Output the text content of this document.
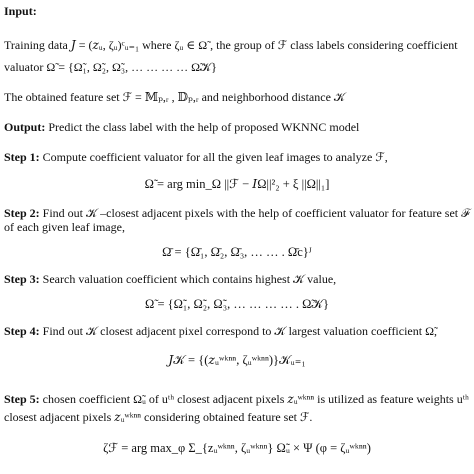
Input:
Training data 𝐽 = (𝑧ᵤ, ζᵤ)ᶜᵤ₌₁ where ζᵤ ∈ Ω̃ , the group of ℱ class labels considering coefficient
valuator Ω̃ = {Ω̃₁, Ω̃₂, Ω̃₃, … … … … Ω̃𝒦}
The obtained feature set ℱ = 𝕄ₚ,ᵣ , 𝔻ₚ,ᵣ and neighborhood distance 𝒦
Output: Predict the class label with the help of proposed WKNNC model
Step 1: Compute coefficient valuator for all the given leaf images to analyze ℱ,
Ω̃ = arg min_Ω ||ℱ − 𝐼Ω||²₂ + ξ ||Ω||₁]
Step 2: Find out 𝒦 –closest adjacent pixels with the help of coefficient valuator for feature set ℱ of each given leaf image,
Ω̄ = {Ω̄₁, Ω̄₂, Ω̄₃, … … . Ω̄c}ᴶ
Step 3: Search valuation coefficient which contains highest 𝒦 value,
Ω̃ = {Ω̃₁, Ω̃₂, Ω̃₃, … … … … . Ω̃𝒦}
Step 4: Find out 𝒦 closest adjacent pixel correspond to 𝒦 largest valuation coefficient Ω̃,
𝐽𝒦 = {(𝑧ᵤʷᵏⁿⁿ, ζᵤʷᵏⁿⁿ)}𝒦ᵤ₌₁
Step 5: chosen coefficient Ω̃ᵤ of uᵗʰ closest adjacent pixels 𝑧ᵤʷᵏⁿⁿ is utilized as feature weights uᵗʰ
closest adjacent pixels 𝑧ᵤʷᵏⁿⁿ considering obtained feature set ℱ.
ζℱ = arg max_φ Σ_{zᵤʷᵏⁿⁿ, ζᵤʷᵏⁿⁿ} Ω̃ᵤ × Ψ (φ = ζᵤʷᵏⁿⁿ)
